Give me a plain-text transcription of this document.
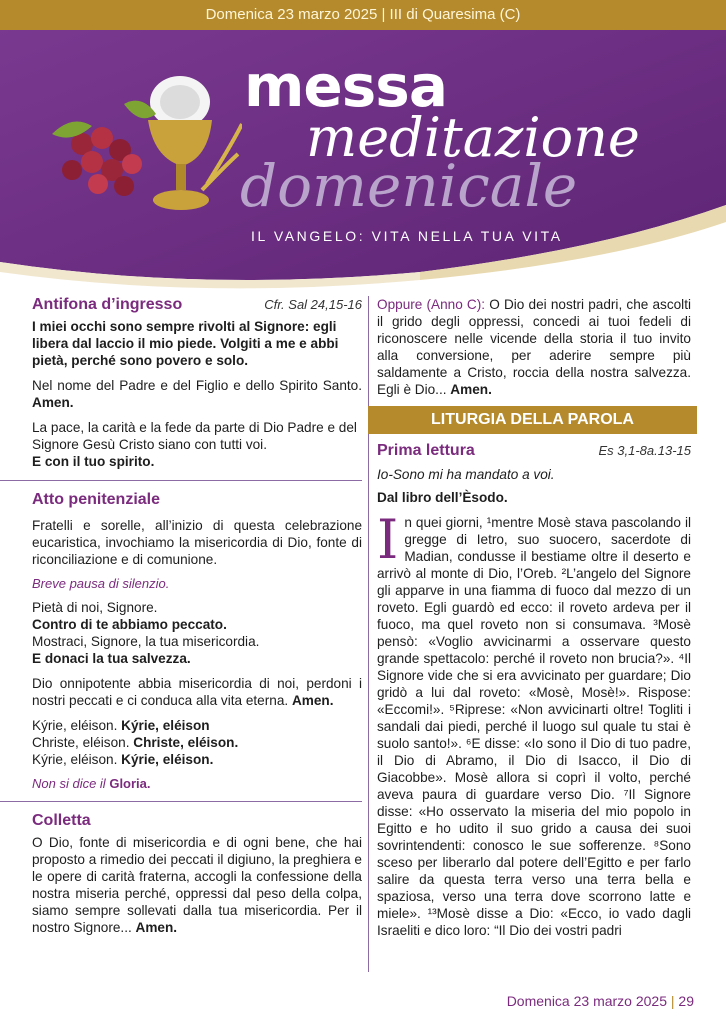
Domenica 23 marzo 2025 | III di Quaresima (C)
messa
meditazione
domenicale
IL VANGELO: VITA NELLA TUA VITA
Antifona d’ingresso	Cfr. Sal 24,15-16

I miei occhi sono sempre rivolti al Signore: egli libera dal laccio il mio piede. Volgiti a me e abbi pietà, perché sono povero e solo.

Nel nome del Padre e del Figlio e dello Spirito Santo. Amen.

La pace, la carità e la fede da parte di Dio Padre e del Signore Gesù Cristo siano con tutti voi.

E con il tuo spirito.

Atto penitenziale

Fratelli e sorelle, all’inizio di questa celebrazione eucaristica, invochiamo la misericordia di Dio, fonte di riconciliazione e di comunione.

Breve pausa di silenzio.

Pietà di noi, Signore.

Contro di te abbiamo peccato.

Mostraci, Signore, la tua misericordia.

E donaci la tua salvezza.

Dio onnipotente abbia misericordia di noi, perdoni i nostri peccati e ci conduca alla vita eterna. Amen.

Kýrie, eléison. Kýrie, eléison

Christe, eléison. Christe, eléison.

Kýrie, eléison. Kýrie, eléison.

Non si dice il Gloria.

Colletta

O Dio, fonte di misericordia e di ogni bene, che hai proposto a rimedio dei peccati il digiuno, la preghiera e le opere di carità fraterna, accogli la confessione della nostra miseria perché, oppressi dal peso della colpa, siamo sempre sollevati dalla tua misericordia. Per il nostro Signore... Amen.

Oppure (Anno C): O Dio dei nostri padri, che ascolti il grido degli oppressi, concedi ai tuoi fedeli di riconoscere nelle vicende della storia il tuo invito alla conversione, per aderire sempre più saldamente a Cristo, roccia della nostra salvezza. Egli è Dio... Amen.

LITURGIA DELLA PAROLA
Prima lettura	Es 3,1-8a.13-15

Io-Sono mi ha mandato a voi.

Dal libro dell’Èsodo.

I n quei giorni, ¹mentre Mosè stava pascolando il gregge di Ietro, suo suocero, sacerdote di Madian, condusse il bestiame oltre il deserto e arrivò al monte di Dio, l’Oreb. ²L’angelo del Signore gli apparve in una fiamma di fuoco dal mezzo di un roveto. Egli guardò ed ecco: il roveto ardeva per il fuoco, ma quel roveto non si consumava. ³Mosè pensò: «Voglio avvicinarmi a osservare questo grande spettacolo: perché il roveto non brucia?». ⁴Il Signore vide che si era avvicinato per guardare; Dio gridò a lui dal roveto: «Mosè, Mosè!». Rispose: «Eccomi!». ⁵Riprese: «Non avvicinarti oltre! Togliti i sandali dai piedi, perché il luogo sul quale tu stai è suolo santo!». ⁶E disse: «Io sono il Dio di tuo padre, il Dio di Abramo, il Dio di Isacco, il Dio di Giacobbe». Mosè allora si coprì il volto, perché aveva paura di guardare verso Dio. ⁷Il Signore disse: «Ho osservato la miseria del mio popolo in Egitto e ho udito il suo grido a causa dei suoi sovrintendenti: conosco le sue sofferenze. ⁸Sono sceso per liberarlo dal potere dell’Egitto e per farlo salire da questa terra verso una terra bella e spaziosa, verso una terra dove scorrono latte e miele». ¹³Mosè disse a Dio: «Ecco, io vado dagli Israeliti e dico loro: “Il Dio dei vostri padri

Domenica 23 marzo 2025 | 29
